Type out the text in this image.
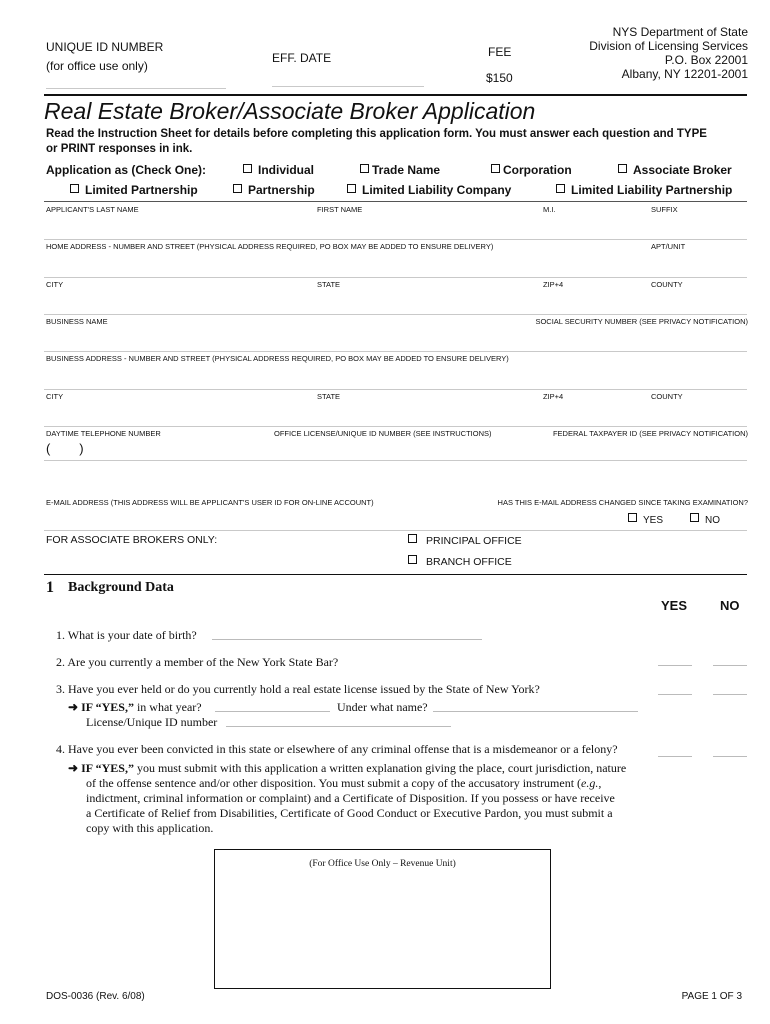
UNIQUE ID NUMBER
(for office use only)
EFF. DATE	FEE
$150
NYS Department of State
Division of Licensing Services
P.O. Box 22001
Albany, NY 12201-2001
Real Estate Broker/Associate Broker Application
Read the Instruction Sheet for details before completing this application form. You must answer each question and TYPE
or PRINT responses in ink.
Application as (Check One):	Individual	Trade Name	Corporation	Associate Broker
Limited Partnership	Partnership	Limited Liability Company	Limited Liability Partnership
APPLICANT'S LAST NAME	FIRST NAME	M.I.	SUFFIX
HOME ADDRESS - NUMBER AND STREET (PHYSICAL ADDRESS REQUIRED, PO BOX MAY BE ADDED TO ENSURE DELIVERY)	APT/UNIT
CITY	STATE	ZIP+4	COUNTY
BUSINESS NAME	SOCIAL SECURITY NUMBER (SEE PRIVACY NOTIFICATION)
BUSINESS ADDRESS - NUMBER AND STREET (PHYSICAL ADDRESS REQUIRED, PO BOX MAY BE ADDED TO ENSURE DELIVERY)
CITY	STATE	ZIP+4	COUNTY
DAYTIME TELEPHONE NUMBER	OFFICE LICENSE/UNIQUE ID NUMBER (SEE INSTRUCTIONS)	FEDERAL TAXPAYER ID (SEE PRIVACY NOTIFICATION)
(        )
E-MAIL ADDRESS (THIS ADDRESS WILL BE APPLICANT'S USER ID FOR ON-LINE ACCOUNT)	HAS THIS E-MAIL ADDRESS CHANGED SINCE TAKING EXAMINATION?
YES	NO
FOR ASSOCIATE BROKERS ONLY:	PRINCIPAL OFFICE
BRANCH OFFICE
1 Background Data
YES	NO
1. What is your date of birth?
2. Are you currently a member of the New York State Bar?
3. Have you ever held or do you currently hold a real estate license issued by the State of New York?
➜ IF “YES,” in what year?	Under what name?
License/Unique ID number
4. Have you ever been convicted in this state or elsewhere of any criminal offense that is a misdemeanor or a felony?
➜ IF “YES,” you must submit with this application a written explanation giving the place, court jurisdiction, nature
of the offense sentence and/or other disposition. You must submit a copy of the accusatory instrument (e.g.,
indictment, criminal information or complaint) and a Certificate of Disposition. If you possess or have receive
a Certificate of Relief from Disabilities, Certificate of Good Conduct or Executive Pardon, you must submit a
copy with this application.
(For Office Use Only – Revenue Unit)
DOS-0036 (Rev. 6/08)	PAGE 1 OF 3
